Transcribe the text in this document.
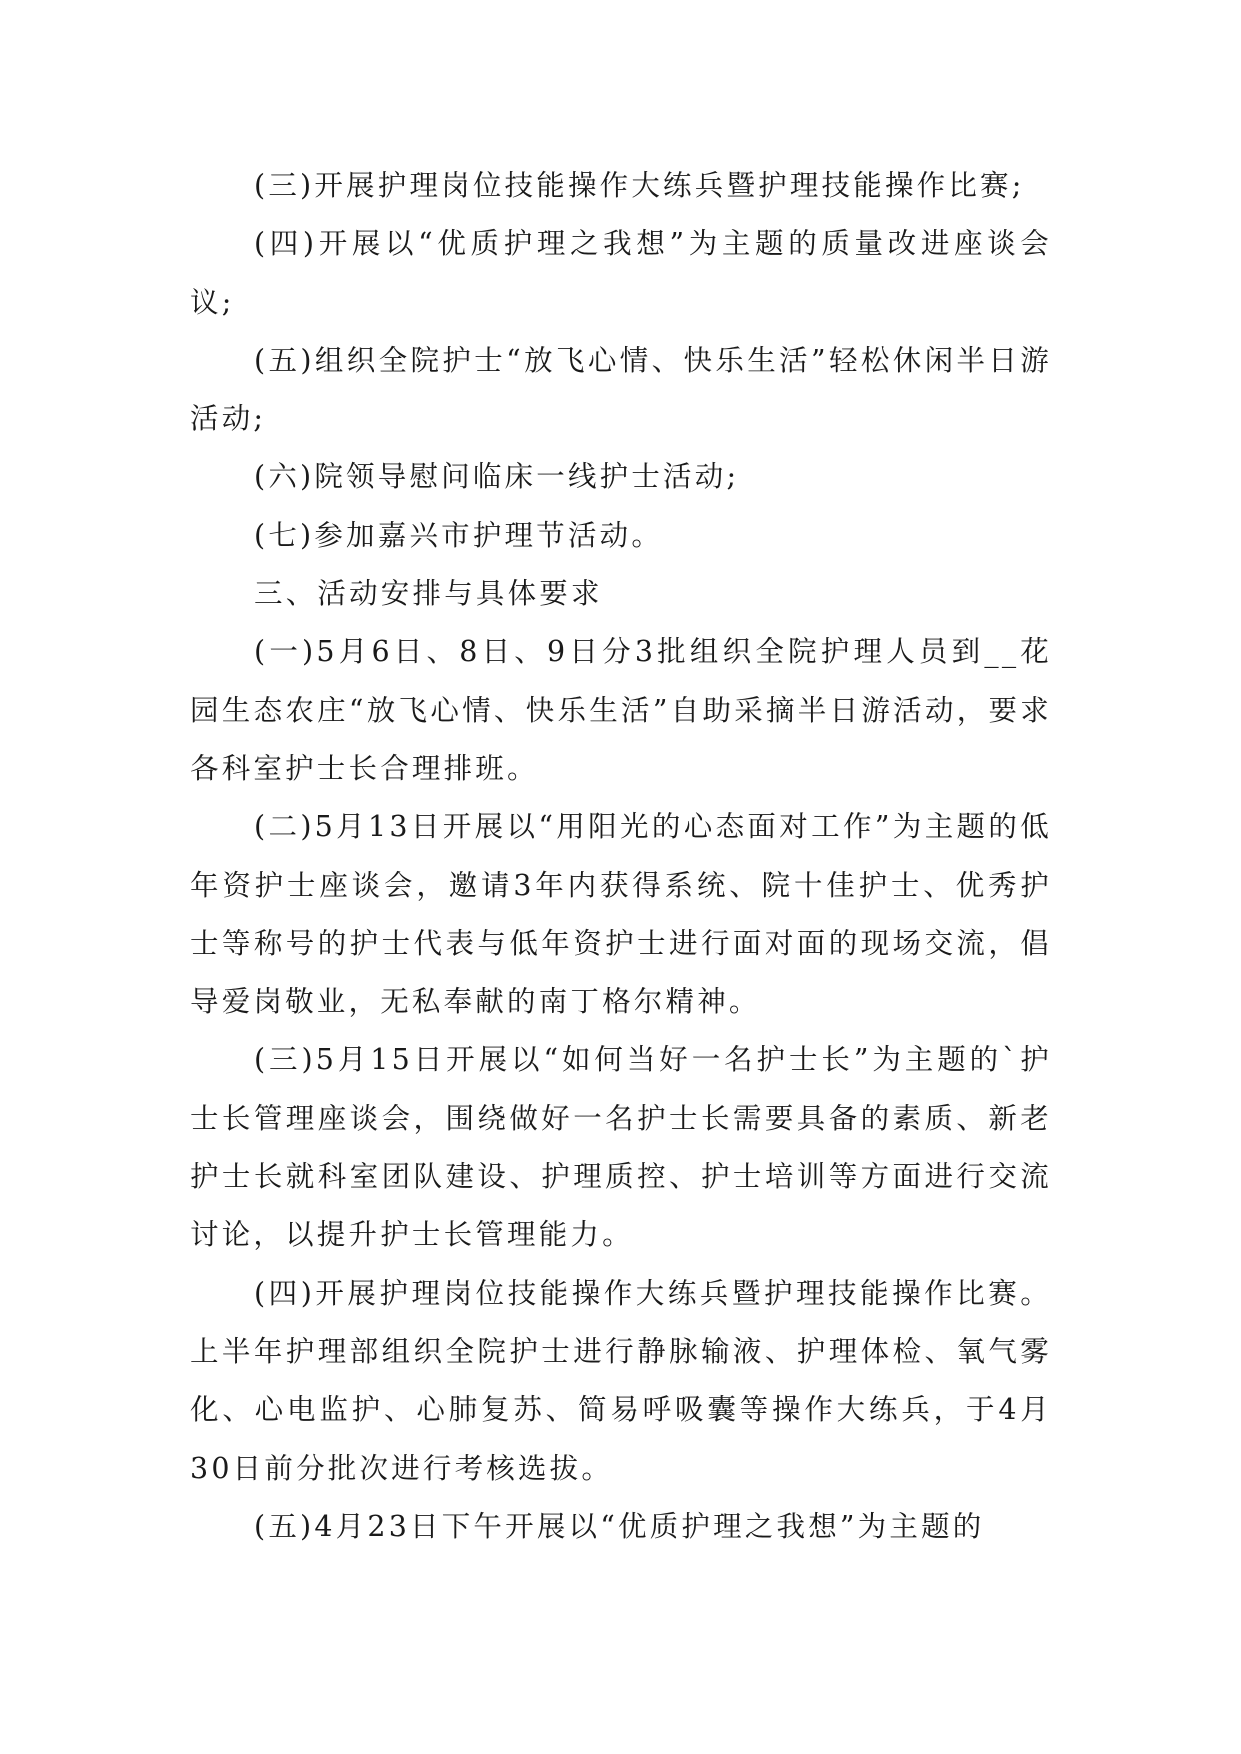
(三)开展护理岗位技能操作大练兵暨护理技能操作比赛;

(四)开展以“优质护理之我想”为主题的质量改进座谈会议;

(五)组织全院护士“放飞心情、快乐生活”轻松休闲半日游活动;

(六)院领导慰问临床一线护士活动;

(七)参加嘉兴市护理节活动。

三、活动安排与具体要求

(一)5月6日、8日、9日分3批组织全院护理人员到__花园生态农庄“放飞心情、快乐生活”自助采摘半日游活动，要求各科室护士长合理排班。

(二)5月13日开展以“用阳光的心态面对工作”为主题的低年资护士座谈会，邀请3年内获得系统、院十佳护士、优秀护士等称号的护士代表与低年资护士进行面对面的现场交流，倡导爱岗敬业，无私奉献的南丁格尔精神。

(三)5月15日开展以“如何当好一名护士长”为主题的`护士长管理座谈会，围绕做好一名护士长需要具备的素质、新老护士长就科室团队建设、护理质控、护士培训等方面进行交流讨论，以提升护士长管理能力。

(四)开展护理岗位技能操作大练兵暨护理技能操作比赛。上半年护理部组织全院护士进行静脉输液、护理体检、氧气雾化、心电监护、心肺复苏、简易呼吸囊等操作大练兵，于4月30日前分批次进行考核选拔。

(五)4月23日下午开展以“优质护理之我想”为主题的
